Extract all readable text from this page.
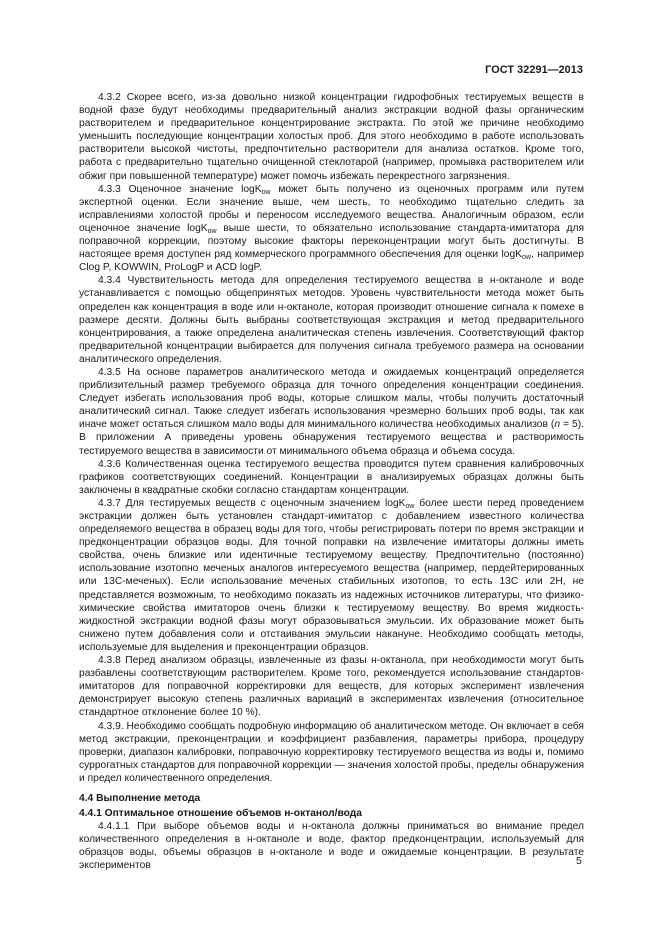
ГОСТ 32291—2013

4.3.2 Скорее всего, из-за довольно низкой концентрации гидрофобных тестируемых веществ в водной фазе будут необходимы предварительный анализ экстракции водной фазы органическим растворителем и предварительное концентрирование экстракта. По этой же причине необходимо уменьшить последующие концентрации холостых проб. Для этого необходимо в работе использовать растворители высокой чистоты, предпочтительно растворители для анализа остатков. Кроме того, работа с предварительно тщательно очищенной стеклотарой (например, промывка растворителем или обжиг при повышенной температуре) может помочь избежать перекрестного загрязнения.

4.3.3 Оценочное значение logK$_{ow}$ может быть получено из оценочных программ или путем экспертной оценки. Если значение выше, чем шесть, то необходимо тщательно следить за исправлениями холостой пробы и переносом исследуемого вещества. Аналогичным образом, если оценочное значение logK$_{ow}$ выше шести, то обязательно использование стандарта-имитатора для поправочной коррекции, поэтому высокие факторы переконцентрации могут быть достигнуты. В настоящее время доступен ряд коммерческого программного обеспечения для оценки logK$_{ow}$, например Clog P, KOWWIN, ProLogP и ACD logP.

4.3.4 Чувствительность метода для определения тестируемого вещества в н-октаноле и воде устанавливается с помощью общепринятых методов. Уровень чувствительности метода может быть определен как концентрация в воде или н-октаноле, которая производит отношение сигнала к помехе в размере десяти. Должны быть выбраны соответствующая экстракция и метод предварительного концентрирования, а также определена аналитическая степень извлечения. Соответствующий фактор предварительной концентрации выбирается для получения сигнала требуемого размера на основании аналитического определения.

4.3.5 На основе параметров аналитического метода и ожидаемых концентраций определяется приблизительный размер требуемого образца для точного определения концентрации соединения. Следует избегать использования проб воды, которые слишком малы, чтобы получить достаточный аналитический сигнал. Также следует избегать использования чрезмерно больших проб воды, так как иначе может остаться слишком мало воды для минимального количества необходимых анализов (n = 5). В приложении А приведены уровень обнаружения тестируемого вещества и растворимость тестируемого вещества в зависимости от минимального объема образца и объема сосуда.

4.3.6 Количественная оценка тестируемого вещества проводится путем сравнения калибровочных графиков соответствующих соединений. Концентрации в анализируемых образцах должны быть заключены в квадратные скобки согласно стандартам концентрации.

4.3.7 Для тестируемых веществ с оценочным значением logK$_{ow}$ более шести перед проведением экстракции должен быть установлен стандарт-имитатор с добавлением известного количества определяемого вещества в образец воды для того, чтобы регистрировать потери по время экстракции и предконцентрации образцов воды. Для точной поправки на извлечение имитаторы должны иметь свойства, очень близкие или идентичные тестируемому веществу. Предпочтительно (постоянно) использование изотопно меченых аналогов интересуемого вещества (например, пердейтерированных или 13С-меченых). Если использование меченых стабильных изотопов, то есть 13С или 2Н, не представляется возможным, то необходимо показать из надежных источников литературы, что физико-химические свойства имитаторов очень близки к тестируемому веществу. Во время жидкость-жидкостной экстракции водной фазы могут образовываться эмульсии. Их образование может быть снижено путем добавления соли и отстаивания эмульсии накануне. Необходимо сообщать методы, используемые для выделения и преконцентрации образцов.

4.3.8 Перед анализом образцы, извлеченные из фазы н-октанола, при необходимости могут быть разбавлены соответствующим растворителем. Кроме того, рекомендуется использование стандартов-имитаторов для поправочной корректировки для веществ, для которых эксперимент извлечения демонстрирует высокую степень различных вариаций в экспериментах извлечения (относительное стандартное отклонение более 10 %).

4.3.9. Необходимо сообщать подробную информацию об аналитическом методе. Он включает в себя метод экстракции, преконцентрации и коэффициент разбавления, параметры прибора, процедуру проверки, диапазон калибровки, поправочную корректировку тестируемого вещества из воды и, помимо суррогатных стандартов для поправочной коррекции — значения холостой пробы, пределы обнаружения и предел количественного определения.

4.4 Выполнение метода

4.4.1 Оптимальное отношение объемов н-октанол/вода

4.4.1.1 При выборе объемов воды и н-октанола должны приниматься во внимание предел количественного определения в н-октаноле и воде, фактор предконцентрации, используемый для образцов воды, объемы образцов в н-октаноле и воде и ожидаемые концентрации. В результате экспериментов	5
